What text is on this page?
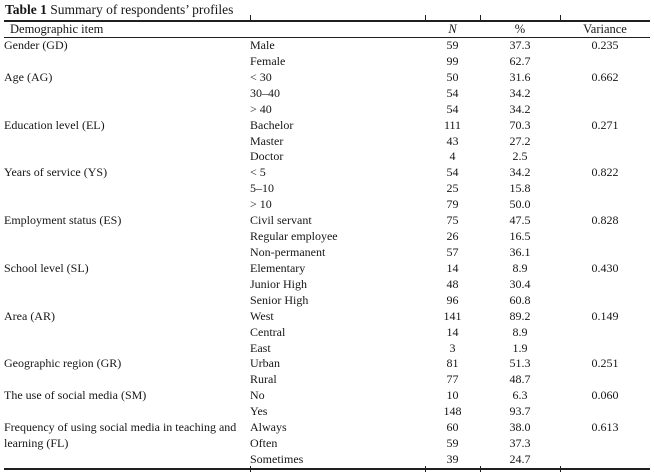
Table 1 Summary of respondents’ profiles
Demographic item		N	%	Variance
Gender (GD)	Male	59	37.3	0.235
	Female	99	62.7	
Age (AG)	< 30	50	31.6	0.662
	30–40	54	34.2	
	> 40	54	34.2	
Education level (EL)	Bachelor	111	70.3	0.271
	Master	43	27.2	
	Doctor	4	2.5	
Years of service (YS)	< 5	54	34.2	0.822
	5–10	25	15.8	
	> 10	79	50.0	
Employment status (ES)	Civil servant	75	47.5	0.828
	Regular employee	26	16.5	
	Non-permanent	57	36.1	
School level (SL)	Elementary	14	8.9	0.430
	Junior High	48	30.4	
	Senior High	96	60.8	
Area (AR)	West	141	89.2	0.149
	Central	14	8.9	
	East	3	1.9	
Geographic region (GR)	Urban	81	51.3	0.251
	Rural	77	48.7	
The use of social media (SM)	No	10	6.3	0.060
	Yes	148	93.7	
Frequency of using social media in teaching and learning (FL)	Always	60	38.0	0.613
	Often	59	37.3	
	Sometimes	39	24.7	
